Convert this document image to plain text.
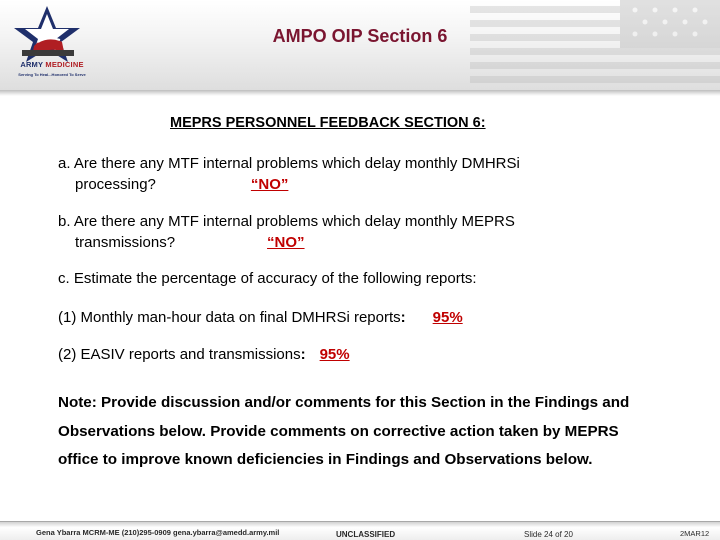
ARMY MEDICINE
Serving To Heal...Honored To Serve
AMPO OIP Section 6
MEPRS PERSONNEL FEEDBACK SECTION 6:
a. Are there any MTF internal problems which delay monthly DMHRSi
processing?	“NO”
b. Are there any MTF internal problems which delay monthly MEPRS
transmissions?	“NO”
c. Estimate the percentage of accuracy of the following reports:
(1) Monthly man-hour data on final DMHRSi reports: 95%
(2) EASIV reports and transmissions: 95%
Note: Provide discussion and/or comments for this Section in the Findings and Observations below. Provide comments on corrective action taken by MEPRS office to improve known deficiencies in Findings and Observations below.
Gena Ybarra MCRM-ME (210)295-0909 gena.ybarra@amedd.army.mil	UNCLASSIFIED	Slide 24 of 20	2MAR12
